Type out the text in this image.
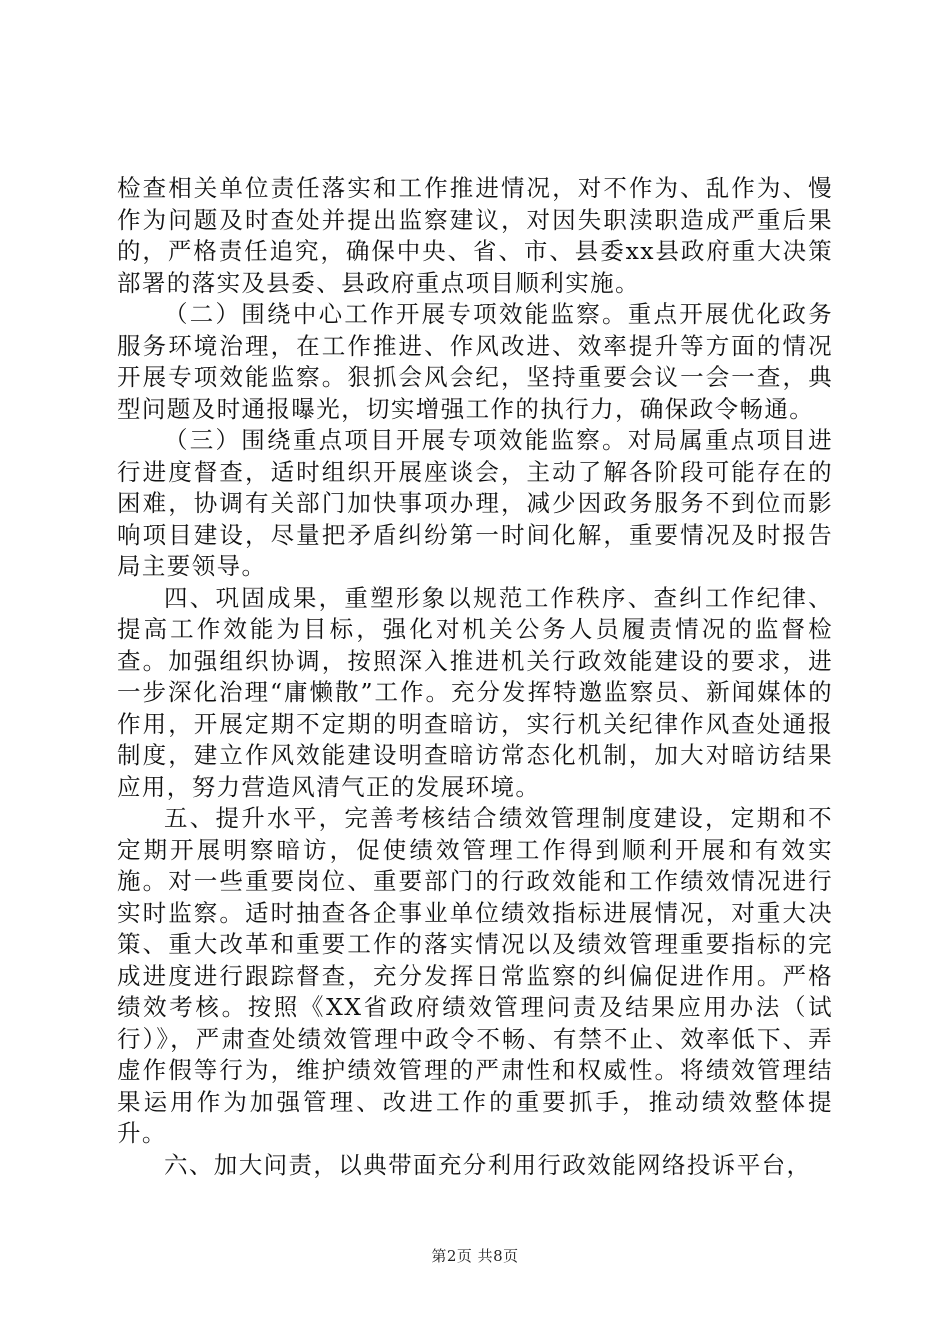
检查相关单位责任落实和工作推进情况，对不作为、乱作为、慢作为问题及时查处并提出监察建议，对因失职渎职造成严重后果的，严格责任追究，确保中央、省、市、县委xx县政府重大决策部署的落实及县委、县政府重点项目顺利实施。

（二）围绕中心工作开展专项效能监察。重点开展优化政务服务环境治理，在工作推进、作风改进、效率提升等方面的情况开展专项效能监察。狠抓会风会纪，坚持重要会议一会一查，典型问题及时通报曝光，切实增强工作的执行力，确保政令畅通。

（三）围绕重点项目开展专项效能监察。对局属重点项目进行进度督查，适时组织开展座谈会，主动了解各阶段可能存在的困难，协调有关部门加快事项办理，减少因政务服务不到位而影响项目建设，尽量把矛盾纠纷第一时间化解，重要情况及时报告局主要领导。

四、巩固成果，重塑形象以规范工作秩序、查纠工作纪律、提高工作效能为目标，强化对机关公务人员履责情况的监督检查。加强组织协调，按照深入推进机关行政效能建设的要求，进一步深化治理“庸懒散”工作。充分发挥特邀监察员、新闻媒体的作用，开展定期不定期的明查暗访，实行机关纪律作风查处通报制度，建立作风效能建设明查暗访常态化机制，加大对暗访结果应用，努力营造风清气正的发展环境。

五、提升水平，完善考核结合绩效管理制度建设，定期和不定期开展明察暗访，促使绩效管理工作得到顺利开展和有效实施。对一些重要岗位、重要部门的行政效能和工作绩效情况进行实时监察。适时抽查各企事业单位绩效指标进展情况，对重大决策、重大改革和重要工作的落实情况以及绩效管理重要指标的完成进度进行跟踪督查，充分发挥日常监察的纠偏促进作用。严格绩效考核。按照《XX省政府绩效管理问责及结果应用办法（试行）》，严肃查处绩效管理中政令不畅、有禁不止、效率低下、弄虚作假等行为，维护绩效管理的严肃性和权威性。将绩效管理结果运用作为加强管理、改进工作的重要抓手，推动绩效整体提升。

六、加大问责，以典带面充分利用行政效能网络投诉平台，

第2页 共8页
